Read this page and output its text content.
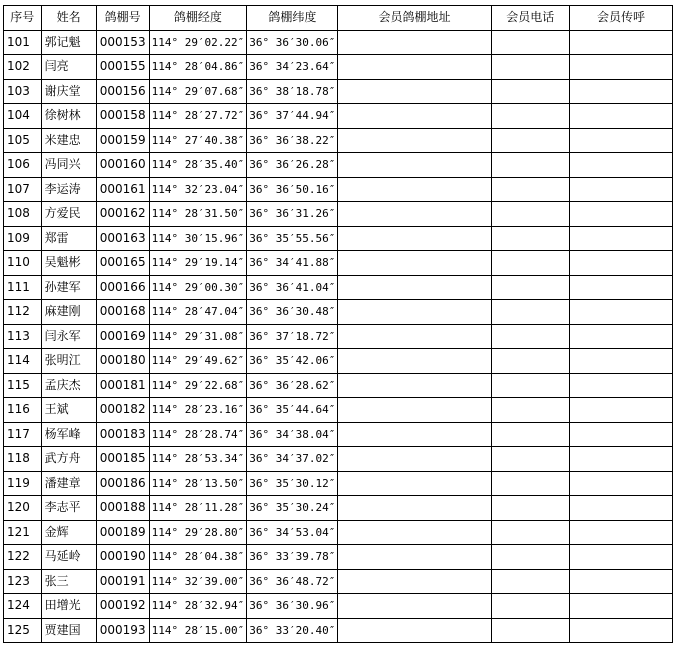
序号	姓名	鸽棚号	鸽棚经度	鸽棚纬度	会员鸽棚地址	会员电话	会员传呼
101	郭记魁	000153	114° 29′02.22″	36° 36′30.06″			
102	闫亮	000155	114° 28′04.86″	36° 34′23.64″			
103	谢庆堂	000156	114° 29′07.68″	36° 38′18.78″			
104	徐树林	000158	114° 28′27.72″	36° 37′44.94″			
105	米建忠	000159	114° 27′40.38″	36° 36′38.22″			
106	冯同兴	000160	114° 28′35.40″	36° 36′26.28″			
107	李运涛	000161	114° 32′23.04″	36° 36′50.16″			
108	方爱民	000162	114° 28′31.50″	36° 36′31.26″			
109	郑雷	000163	114° 30′15.96″	36° 35′55.56″			
110	吴魁彬	000165	114° 29′19.14″	36° 34′41.88″			
111	孙建军	000166	114° 29′00.30″	36° 36′41.04″			
112	麻建刚	000168	114° 28′47.04″	36° 36′30.48″			
113	闫永军	000169	114° 29′31.08″	36° 37′18.72″			
114	张明江	000180	114° 29′49.62″	36° 35′42.06″			
115	孟庆杰	000181	114° 29′22.68″	36° 36′28.62″			
116	王斌	000182	114° 28′23.16″	36° 35′44.64″			
117	杨军峰	000183	114° 28′28.74″	36° 34′38.04″			
118	武方舟	000185	114° 28′53.34″	36° 34′37.02″			
119	潘建章	000186	114° 28′13.50″	36° 35′30.12″			
120	李志平	000188	114° 28′11.28″	36° 35′30.24″			
121	金辉	000189	114° 29′28.80″	36° 34′53.04″			
122	马延岭	000190	114° 28′04.38″	36° 33′39.78″			
123	张三	000191	114° 32′39.00″	36° 36′48.72″			
124	田增光	000192	114° 28′32.94″	36° 36′30.96″			
125	贾建国	000193	114° 28′15.00″	36° 33′20.40″			
